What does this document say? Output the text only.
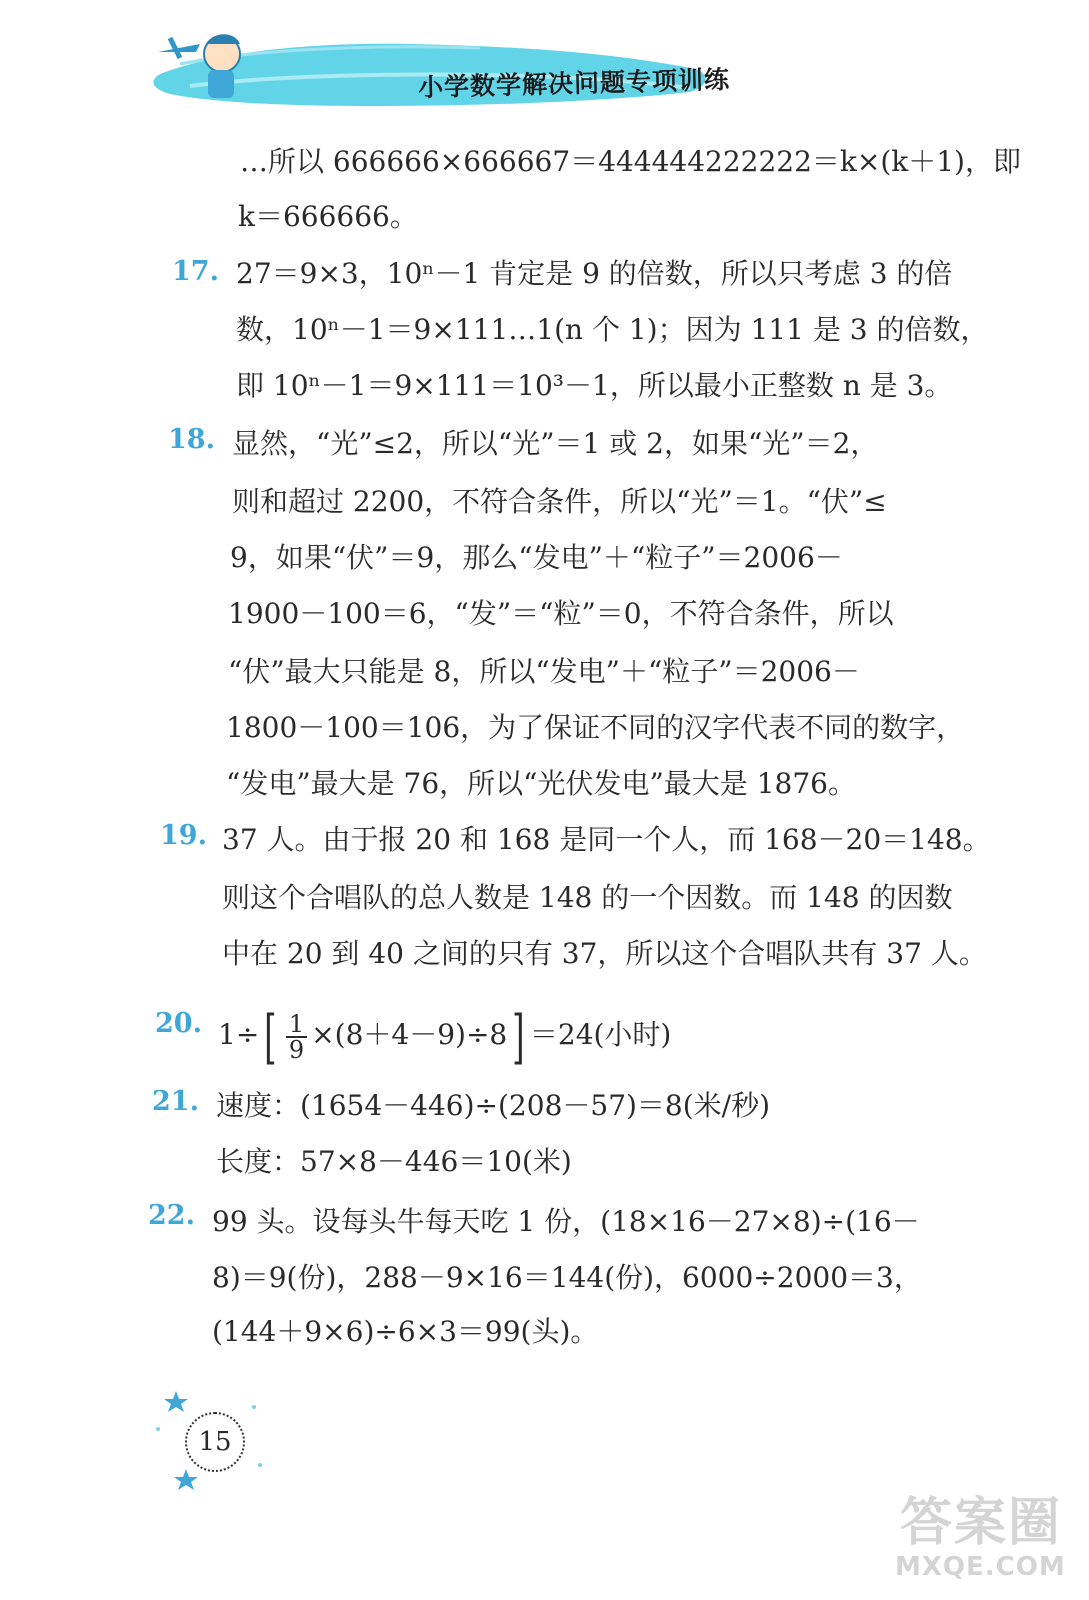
小学数学解决问题专项训练
…所以 666666×666667＝444444222222＝k×(k＋1)，即
k＝666666。
17. 27＝9×3，10ⁿ－1 肯定是 9 的倍数，所以只考虑 3 的倍
数，10ⁿ－1＝9×111…1(n 个 1)；因为 111 是 3 的倍数，
即 10ⁿ－1＝9×111＝10³－1，所以最小正整数 n 是 3。
18. 显然，“光”≤2，所以“光”＝1 或 2，如果“光”＝2，
则和超过 2200，不符合条件，所以“光”＝1。“伏”≤
9，如果“伏”＝9，那么“发电”＋“粒子”＝2006－
1900－100＝6，“发”＝“粒”＝0，不符合条件，所以
“伏”最大只能是 8，所以“发电”＋“粒子”＝2006－
1800－100＝106，为了保证不同的汉字代表不同的数字，
“发电”最大是 76，所以“光伏发电”最大是 1876。
19. 37 人。由于报 20 和 168 是同一个人，而 168－20＝148。
则这个合唱队的总人数是 148 的一个因数。而 148 的因数
中在 20 到 40 之间的只有 37，所以这个合唱队共有 37 人。
20. $1\div[ \frac{1}{9} \times(8+4-9)\div 8] =24$(小时)
21. 速度：(1654－446)÷(208－57)＝8(米/秒)
长度：57×8－446＝10(米)
22. 99 头。设每头牛每天吃 1 份，(18×16－27×8)÷(16－
8)＝9(份)，288－9×16＝144(份)，6000÷2000＝3，
(144＋9×6)÷6×3＝99(头)。
15
答案圈
MXQE.COM
